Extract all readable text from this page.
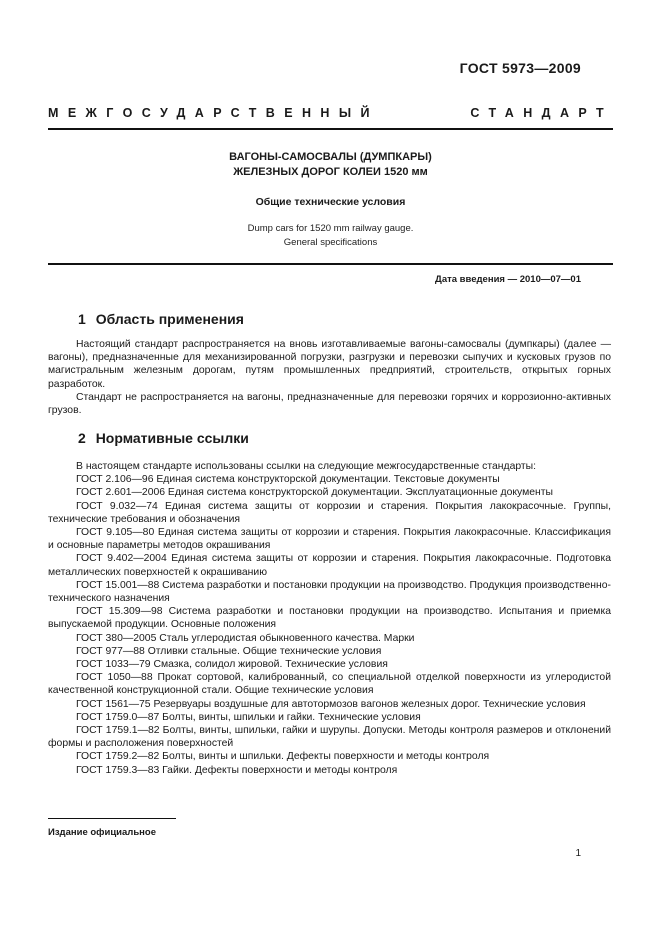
ГОСТ 5973—2009
МЕЖГОСУДАРСТВЕННЫЙ СТАНДАРТ
ВАГОНЫ-САМОСВАЛЫ (ДУМПКАРЫ)
ЖЕЛЕЗНЫХ ДОРОГ КОЛЕИ 1520 мм
Общие технические условия
Dump cars for 1520 mm railway gauge.
General specifications
Дата введения — 2010—07—01
1 Область применения

Настоящий стандарт распространяется на вновь изготавливаемые вагоны-самосвалы (думпкары) (далее — вагоны), предназначенные для механизированной погрузки, разгрузки и перевозки сыпучих и кусковых грузов по магистральным железным дорогам, путям промышленных предприятий, строительств, открытых горных разработок.

Стандарт не распространяется на вагоны, предназначенные для перевозки горячих и коррозионно-активных грузов.

2 Нормативные ссылки

В настоящем стандарте использованы ссылки на следующие межгосударственные стандарты:

ГОСТ 2.106—96 Единая система конструкторской документации. Текстовые документы

ГОСТ 2.601—2006 Единая система конструкторской документации. Эксплуатационные документы

ГОСТ 9.032—74 Единая система защиты от коррозии и старения. Покрытия лакокрасочные. Группы, технические требования и обозначения

ГОСТ 9.105—80 Единая система защиты от коррозии и старения. Покрытия лакокрасочные. Классификация и основные параметры методов окрашивания

ГОСТ 9.402—2004 Единая система защиты от коррозии и старения. Покрытия лакокрасочные. Подготовка металлических поверхностей к окрашиванию

ГОСТ 15.001—88 Система разработки и постановки продукции на производство. Продукция производственно-технического назначения

ГОСТ 15.309—98 Система разработки и постановки продукции на производство. Испытания и приемка выпускаемой продукции. Основные положения

ГОСТ 380—2005 Сталь углеродистая обыкновенного качества. Марки

ГОСТ 977—88 Отливки стальные. Общие технические условия

ГОСТ 1033—79 Смазка, солидол жировой. Технические условия

ГОСТ 1050—88 Прокат сортовой, калиброванный, со специальной отделкой поверхности из углеродистой качественной конструкционной стали. Общие технические условия

ГОСТ 1561—75 Резервуары воздушные для автотормозов вагонов железных дорог. Технические условия

ГОСТ 1759.0—87 Болты, винты, шпильки и гайки. Технические условия

ГОСТ 1759.1—82 Болты, винты, шпильки, гайки и шурупы. Допуски. Методы контроля размеров и отклонений формы и расположения поверхностей

ГОСТ 1759.2—82 Болты, винты и шпильки. Дефекты поверхности и методы контроля

ГОСТ 1759.3—83 Гайки. Дефекты поверхности и методы контроля

Издание официальное
1
